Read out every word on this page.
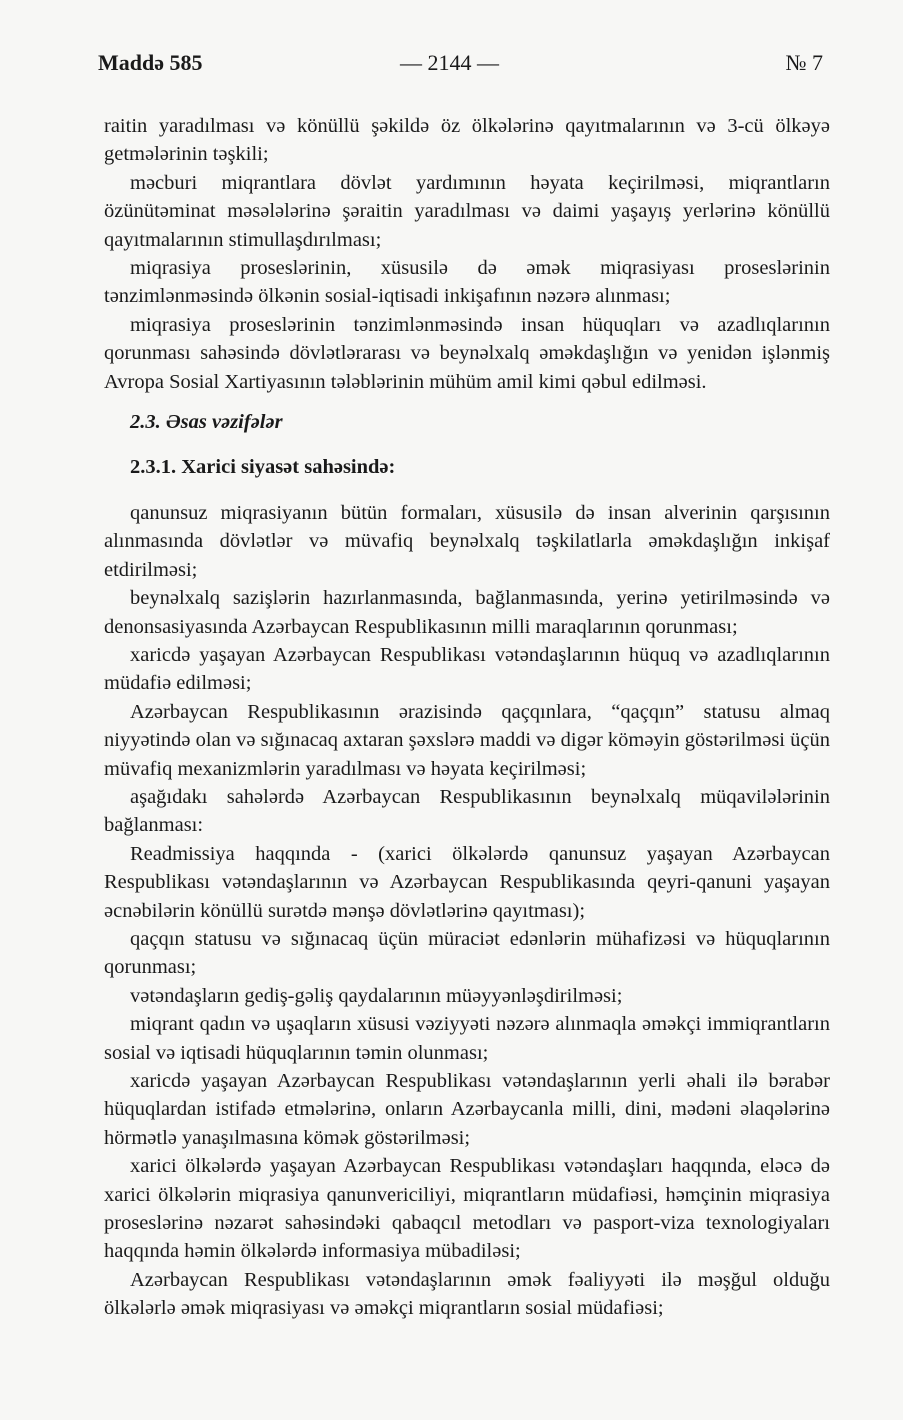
Maddə 585	— 2144 —	№ 7

raitin yaradılması və könüllü şəkildə öz ölkələrinə qayıtmalarının və 3-cü ölkəyə getmələrinin təşkili;

məcburi miqrantlara dövlət yardımının həyata keçirilməsi, miqrantların özünütəminat məsələlərinə şəraitin yaradılması və daimi yaşayış yerlərinə könüllü qayıtmalarının stimullaşdırılması;

miqrasiya proseslərinin, xüsusilə də əmək miqrasiyası proseslərinin tənzimlənməsində ölkənin sosial-iqtisadi inkişafının nəzərə alınması;

miqrasiya proseslərinin tənzimlənməsində insan hüquqları və azadlıqlarının qorunması sahəsində dövlətlərarası və beynəlxalq əməkdaşlığın və yenidən işlənmiş Avropa Sosial Xartiyasının tələblərinin mühüm amil kimi qəbul edilməsi.

2.3. Əsas vəzifələr

2.3.1. Xarici siyasət sahəsində:

qanunsuz miqrasiyanın bütün formaları, xüsusilə də insan alverinin qarşısının alınmasında dövlətlər və müvafiq beynəlxalq təşkilatlarla əməkdaşlığın inkişaf etdirilməsi;

beynəlxalq sazişlərin hazırlanmasında, bağlanmasında, yerinə yetirilməsində və denonsasiyasında Azərbaycan Respublikasının milli maraqlarının qorunması;

xaricdə yaşayan Azərbaycan Respublikası vətəndaşlarının hüquq və azadlıqlarının müdafiə edilməsi;

Azərbaycan Respublikasının ərazisində qaçqınlara, “qaçqın” statusu almaq niyyətində olan və sığınacaq axtaran şəxslərə maddi və digər köməyin göstərilməsi üçün müvafiq mexanizmlərin yaradılması və həyata keçirilməsi;

aşağıdakı sahələrdə Azərbaycan Respublikasının beynəlxalq müqavilələrinin bağlanması:

Readmissiya haqqında - (xarici ölkələrdə qanunsuz yaşayan Azərbaycan Respublikası vətəndaşlarının və Azərbaycan Respublikasında qeyri-qanuni yaşayan əcnəbilərin könüllü surətdə mənşə dövlətlərinə qayıtması);

qaçqın statusu və sığınacaq üçün müraciət edənlərin mühafizəsi və hüquqlarının qorunması;

vətəndaşların gediş-gəliş qaydalarının müəyyənləşdirilməsi;

miqrant qadın və uşaqların xüsusi vəziyyəti nəzərə alınmaqla əməkçi immiqrantların sosial və iqtisadi hüquqlarının təmin olunması;

xaricdə yaşayan Azərbaycan Respublikası vətəndaşlarının yerli əhali ilə bərabər hüquqlardan istifadə etmələrinə, onların Azərbaycanla milli, dini, mədəni əlaqələrinə hörmətlə yanaşılmasına kömək göstərilməsi;

xarici ölkələrdə yaşayan Azərbaycan Respublikası vətəndaşları haqqında, eləcə də xarici ölkələrin miqrasiya qanunvericiliyi, miqrantların müdafiəsi, həmçinin miqrasiya proseslərinə nəzarət sahəsindəki qabaqcıl metodları və pasport-viza texnologiyaları haqqında həmin ölkələrdə informasiya mübadiləsi;

Azərbaycan Respublikası vətəndaşlarının əmək fəaliyyəti ilə məşğul olduğu ölkələrlə əmək miqrasiyası və əməkçi miqrantların sosial müdafiəsi;
